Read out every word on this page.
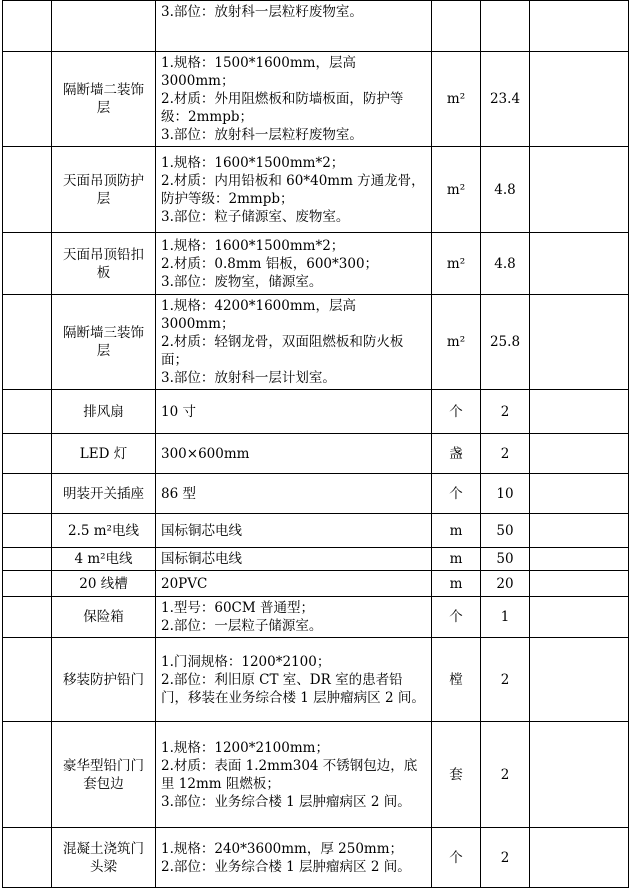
		3.部位：放射科一层粒籽废物室。			

	隔断墙二装饰层	1.规格：1500*1600mm，层高 3000mm；
2.材质：外用阻燃板和防墙板面，防护等级：2mmpb；
3.部位：放射科一层粒籽废物室。	m²	23.4	
	天面吊顶防护层	1.规格：1600*1500mm*2；
2.材质：内用铅板和 60*40mm 方通龙骨，防护等级：2mmpb；
3.部位：粒子储源室、废物室。	m²	4.8	
	天面吊顶铅扣板	1.规格：1600*1500mm*2；
2.材质：0.8mm 铝板，600*300；
3.部位：废物室，储源室。	m²	4.8	
	隔断墙三装饰层	1.规格：4200*1600mm，层高 3000mm；
2.材质：轻钢龙骨，双面阻燃板和防火板面；
3.部位：放射科一层计划室。	m²	25.8	
	排风扇	10 寸	个	2	
	LED 灯	300×600mm	盏	2	
	明装开关插座	86 型	个	10	
	2.5 m²电线	国标铜芯电线	m	50	
	4 m²电线	国标铜芯电线	m	50	
	20 线槽	20PVC	m	20	
	保险箱	1.型号：60CM 普通型；
2.部位：一层粒子储源室。	个	1	
	移装防护铅门	1.门洞规格：1200*2100；
2.部位：利旧原 CT 室、DR 室的患者铅门，移装在业务综合楼 1 层肿瘤病区 2 间。	樘	2	
	豪华型铅门门套包边	1.规格：1200*2100mm；
2.材质：表面 1.2mm304 不锈钢包边，底里 12mm 阻燃板；
3.部位：业务综合楼 1 层肿瘤病区 2 间。	套	2	
	混凝土浇筑门头梁	1.规格：240*3600mm，厚 250mm；
2.部位：业务综合楼 1 层肿瘤病区 2 间。	个	2	
